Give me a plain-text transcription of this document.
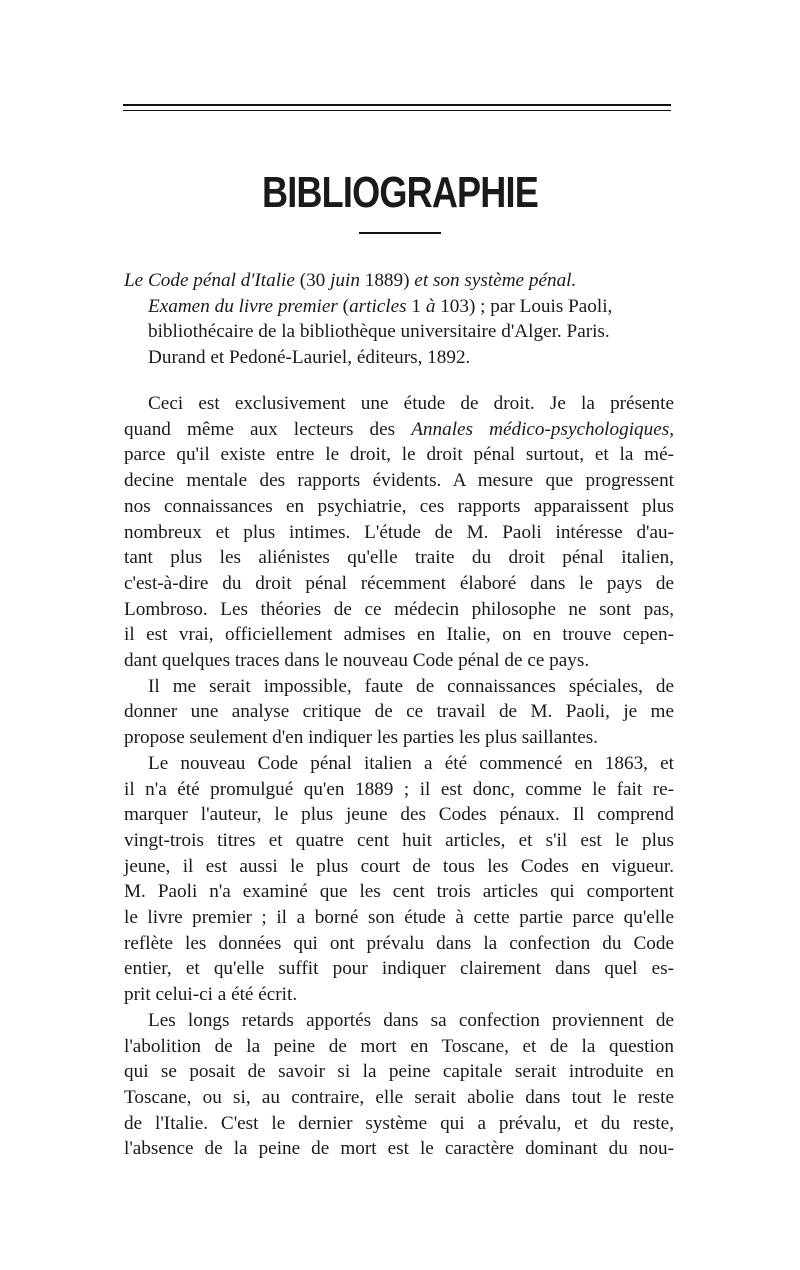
BIBLIOGRAPHIE
Le Code pénal d'Italie (30 juin 1889) et son système pénal.
Examen du livre premier (articles 1 à 103) ; par Louis Paoli,
bibliothécaire de la bibliothèque universitaire d'Alger. Paris.
Durand et Pedoné-Lauriel, éditeurs, 1892.
Ceci est exclusivement une étude de droit. Je la présente
quand même aux lecteurs des Annales médico-psychologiques,
parce qu'il existe entre le droit, le droit pénal surtout, et la mé-
decine mentale des rapports évidents. A mesure que progressent
nos connaissances en psychiatrie, ces rapports apparaissent plus
nombreux et plus intimes. L'étude de M. Paoli intéresse d'au-
tant plus les aliénistes qu'elle traite du droit pénal italien,
c'est-à-dire du droit pénal récemment élaboré dans le pays de
Lombroso. Les théories de ce médecin philosophe ne sont pas,
il est vrai, officiellement admises en Italie, on en trouve cepen-
dant quelques traces dans le nouveau Code pénal de ce pays.
Il me serait impossible, faute de connaissances spéciales, de
donner une analyse critique de ce travail de M. Paoli, je me
propose seulement d'en indiquer les parties les plus saillantes.
Le nouveau Code pénal italien a été commencé en 1863, et
il n'a été promulgué qu'en 1889 ; il est donc, comme le fait re-
marquer l'auteur, le plus jeune des Codes pénaux. Il comprend
vingt-trois titres et quatre cent huit articles, et s'il est le plus
jeune, il est aussi le plus court de tous les Codes en vigueur.
M. Paoli n'a examiné que les cent trois articles qui comportent
le livre premier ; il a borné son étude à cette partie parce qu'elle
reflète les données qui ont prévalu dans la confection du Code
entier, et qu'elle suffit pour indiquer clairement dans quel es-
prit celui-ci a été écrit.
Les longs retards apportés dans sa confection proviennent de
l'abolition de la peine de mort en Toscane, et de la question
qui se posait de savoir si la peine capitale serait introduite en
Toscane, ou si, au contraire, elle serait abolie dans tout le reste
de l'Italie. C'est le dernier système qui a prévalu, et du reste,
l'absence de la peine de mort est le caractère dominant du nou-
